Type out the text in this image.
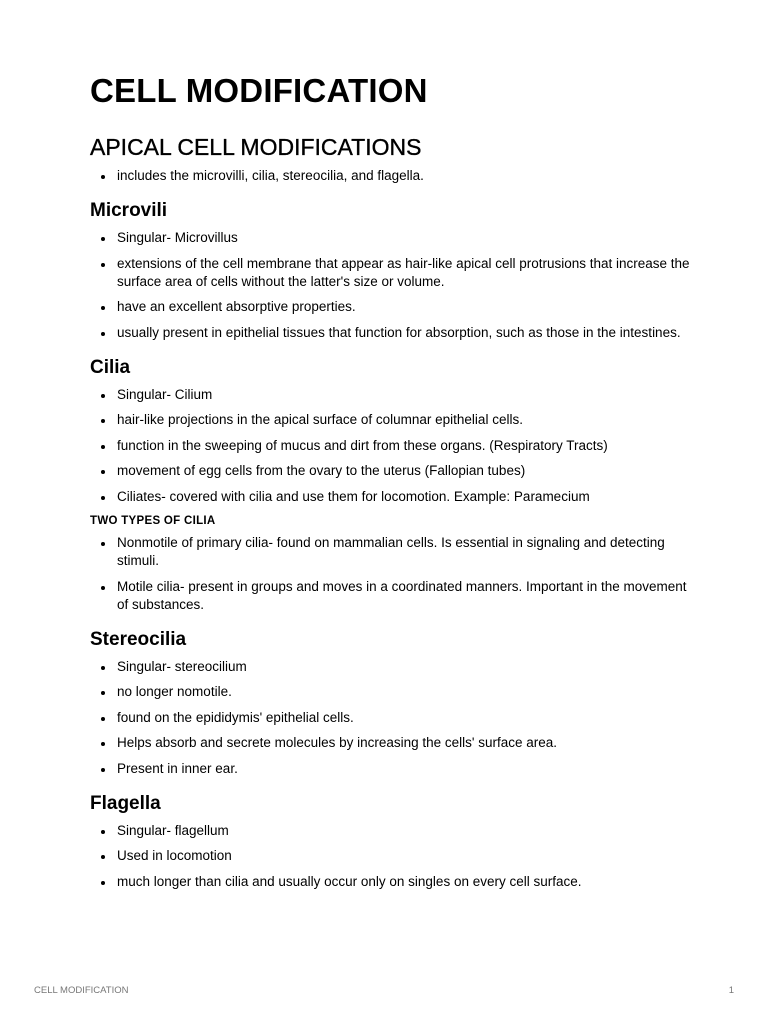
CELL MODIFICATION
APICAL CELL MODIFICATIONS
includes the microvilli, cilia, stereocilia, and flagella.
Microvili
Singular- Microvillus
extensions of the cell membrane that appear as hair-like apical cell protrusions that increase the surface area of cells without the latter's size or volume.
have an excellent absorptive properties.
usually present in epithelial tissues that function for absorption, such as those in the intestines.
Cilia
Singular- Cilium
hair-like projections in the apical surface of columnar epithelial cells.
function in the sweeping of mucus and dirt from these organs. (Respiratory Tracts)
movement of egg cells from the ovary to the uterus (Fallopian tubes)
Ciliates- covered with cilia and use them for locomotion. Example: Paramecium
TWO TYPES OF CILIA
Nonmotile of primary cilia- found on mammalian cells. Is essential in signaling and detecting stimuli.
Motile cilia- present in groups and moves in a coordinated manners. Important in the movement of substances.
Stereocilia
Singular- stereocilium
no longer nomotile.
found on the epididymis' epithelial cells.
Helps absorb and secrete molecules by increasing the cells' surface area.
Present in inner ear.
Flagella
Singular- flagellum
Used in locomotion
much longer than cilia and usually occur only on singles on every cell surface.
CELL MODIFICATION	1
